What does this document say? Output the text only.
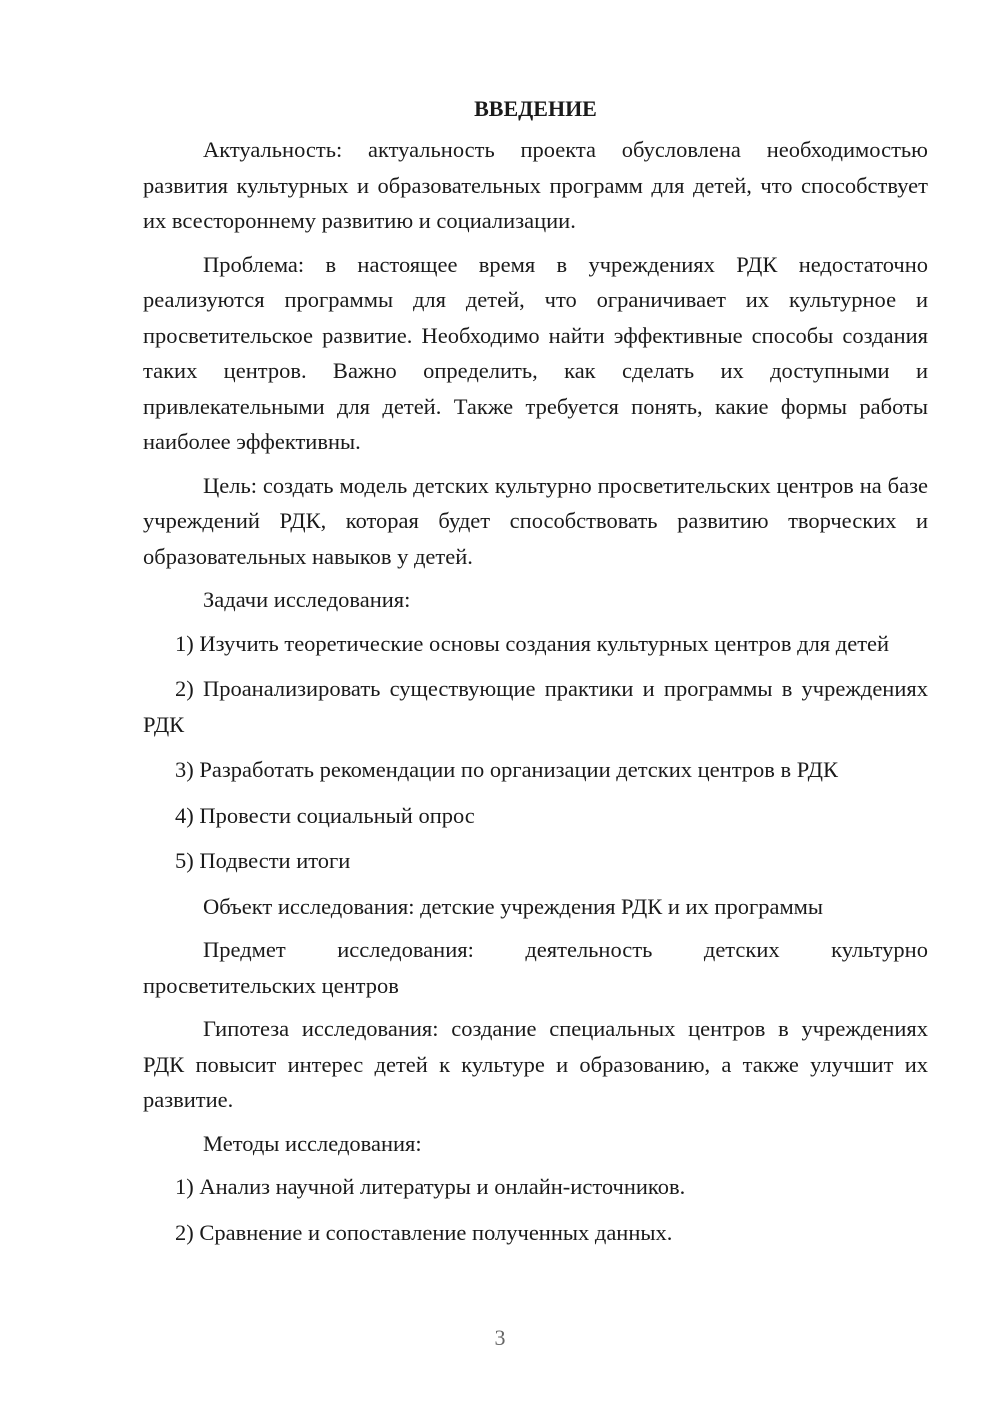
ВВЕДЕНИЕ

Актуальность: актуальность проекта обусловлена необходимостью развития культурных и образовательных программ для детей, что способствует их всестороннему развитию и социализации.

Проблема: в настоящее время в учреждениях РДК недостаточно реализуются программы для детей, что ограничивает их культурное и просветительское развитие. Необходимо найти эффективные способы создания таких центров. Важно определить, как сделать их доступными и привлекательными для детей. Также требуется понять, какие формы работы наиболее эффективны.

Цель: создать модель детских культурно просветительских центров на базе учреждений РДК, которая будет способствовать развитию творческих и образовательных навыков у детей.

Задачи исследования:

1) Изучить теоретические основы создания культурных центров для детей

2) Проанализировать существующие практики и программы в учреждениях РДК

3) Разработать рекомендации по организации детских центров в РДК

4) Провести социальный опрос

5) Подвести итоги

Объект исследования: детские учреждения РДК и их программы

Предмет исследования: деятельность детских культурно
просветительских центров

Гипотеза исследования: создание специальных центров в учреждениях РДК повысит интерес детей к культуре и образованию, а также улучшит их развитие.

Методы исследования:

1) Анализ научной литературы и онлайн-источников.

2) Сравнение и сопоставление полученных данных.

3
